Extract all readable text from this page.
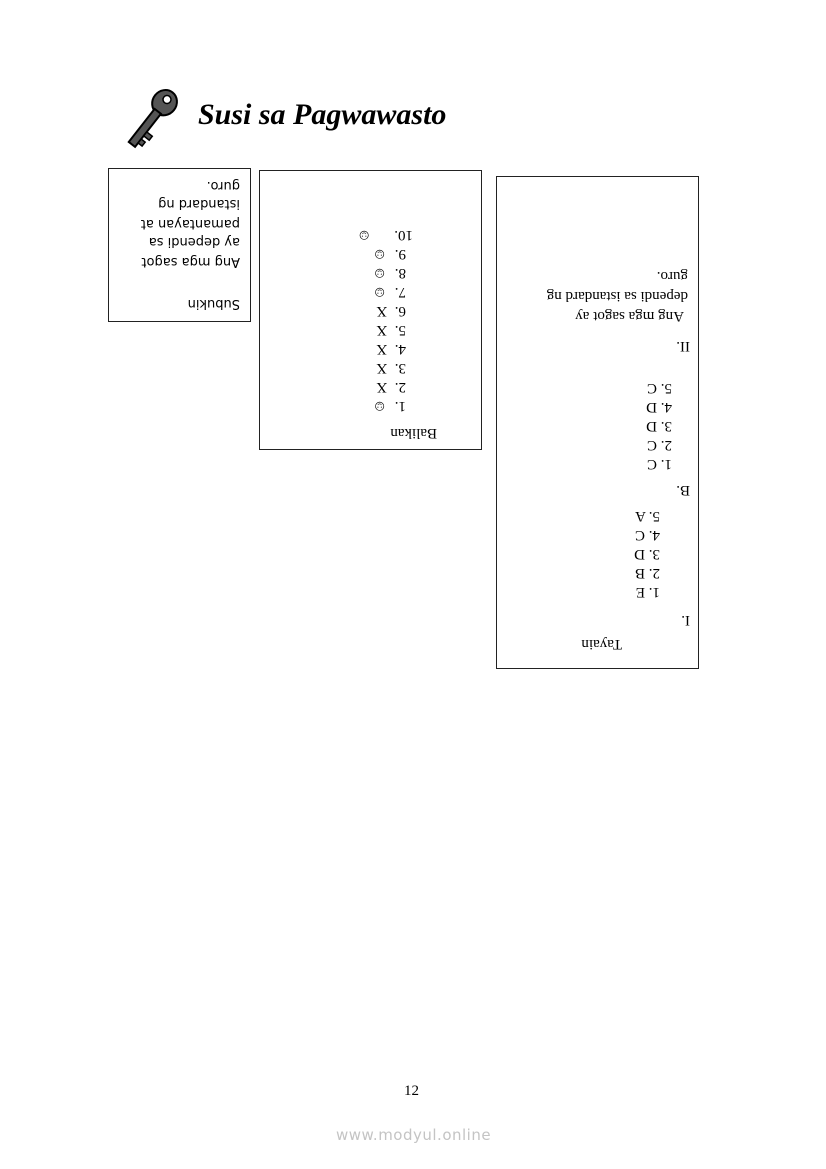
Susi sa Pagwawasto
Subukin
Ang mga sagot
ay dependi sa
pamantayan at
istandard ng
guro.
Balikan
1.  ☺
2.  X
3.  X
4.  X
5.  X
6.  X
7.  ☺
8.  ☺
9.  ☺
10.      ☺
Tayain
I.
1. E
2. B
3. D
4. C
5. A
B.
1. C
2. C
3. D
4. D
5. C
II.
Ang mga sagot ay
dependi sa istandard ng
guro.
12
www.modyul.online
